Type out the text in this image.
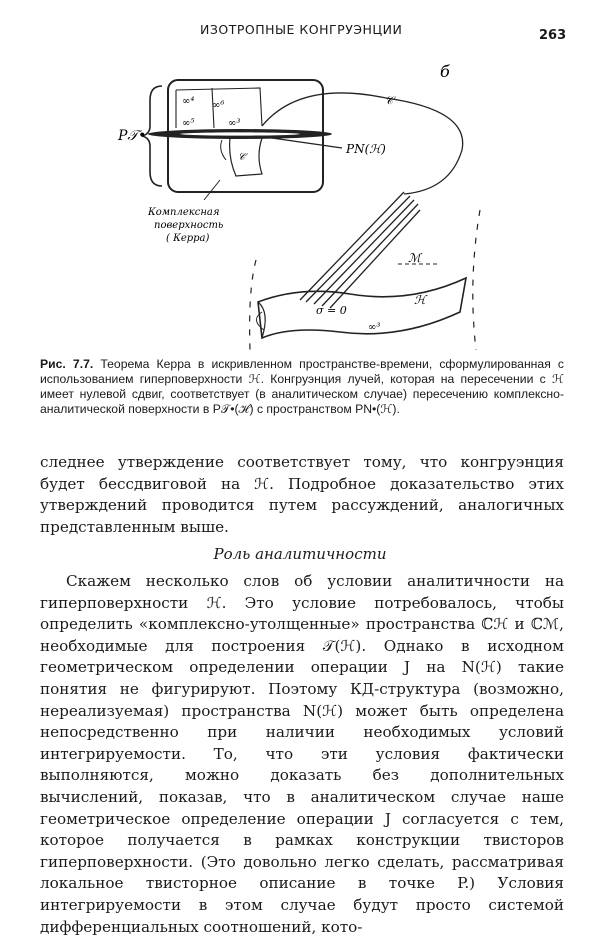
ИЗОТРОПНЫЕ КОНГРУЭНЦИИ	263
∞⁴ ∞⁶
∞⁵	∞³
𝒞
P𝒯•
PN(ℋ)
б
𝒞
Комплексная
поверхность
( Керра)
ℳ
ℋ
σ = 0
∞³
Рис. 7.7. Теорема Керра в искривленном пространстве-времени, сформулированная с использованием гиперповерхности ℋ. Конгруэнция лучей, которая на пересечении с ℋ имеет нулевой сдвиг, соответствует (в аналитическом случае) пересечению комплексно-аналитической поверхности в P𝒯•(ℋ) с пространством PN•(ℋ).
следнее утверждение соответствует тому, что конгруэнция будет бессдвиговой на ℋ. Подробное доказательство этих утверждений проводится путем рассуждений, аналогичных представленным выше.
Роль аналитичности
Скажем несколько слов об условии аналитичности на гиперповерхности ℋ. Это условие потребовалось, чтобы определить «комплексно-утолщенные» пространства ℂℋ и ℂℳ, необходимые для построения 𝒯(ℋ). Однако в исходном геометрическом определении операции J на N(ℋ) такие понятия не фигурируют. Поэтому КД-структура (возможно, нереализуемая) пространства N(ℋ) может быть определена непосредственно при наличии необходимых условий интегрируемости. То, что эти условия фактически выполняются, можно доказать без дополнительных вычислений, показав, что в аналитическом случае наше геометрическое определение операции J согласуется с тем, которое получается в рамках конструкции твисторов гиперповерхности. (Это довольно легко сделать, рассматривая локальное твисторное описание в точке P.) Условия интегрируемости в этом случае будут просто системой дифференциальных соотношений, кото-
